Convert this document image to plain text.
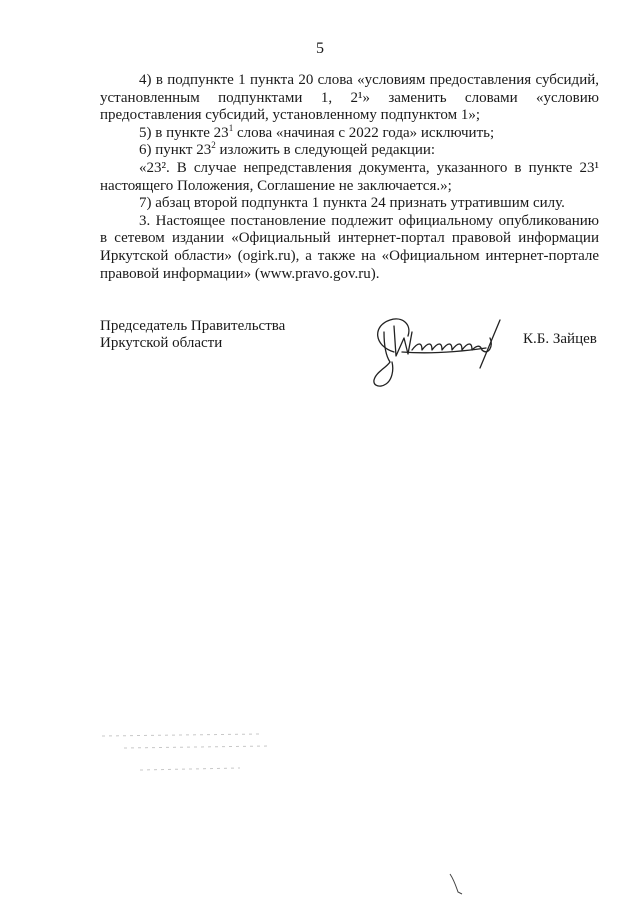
5

4) в подпункте 1 пункта 20 слова «условиям предоставления субсидий, установленным подпунктами 1, 2¹» заменить словами «условию предоставления субсидий, установленному подпунктом 1»;

5) в пункте $23^1$ слова «начиная с 2022 года» исключить;

6) пункт $23^2$ изложить в следующей редакции:

«23². В случае непредставления документа, указанного в пункте 23¹ настоящего Положения, Соглашение не заключается.»;

7) абзац второй подпункта 1 пункта 24 признать утратившим силу.

3. Настоящее постановление подлежит официальному опубликованию в сетевом издании «Официальный интернет-портал правовой информации Иркутской области» (ogirk.ru), а также на «Официальном интернет-портале правовой информации» (www.pravo.gov.ru).

Председатель Правительства
Иркутской области	К.Б. Зайцев
